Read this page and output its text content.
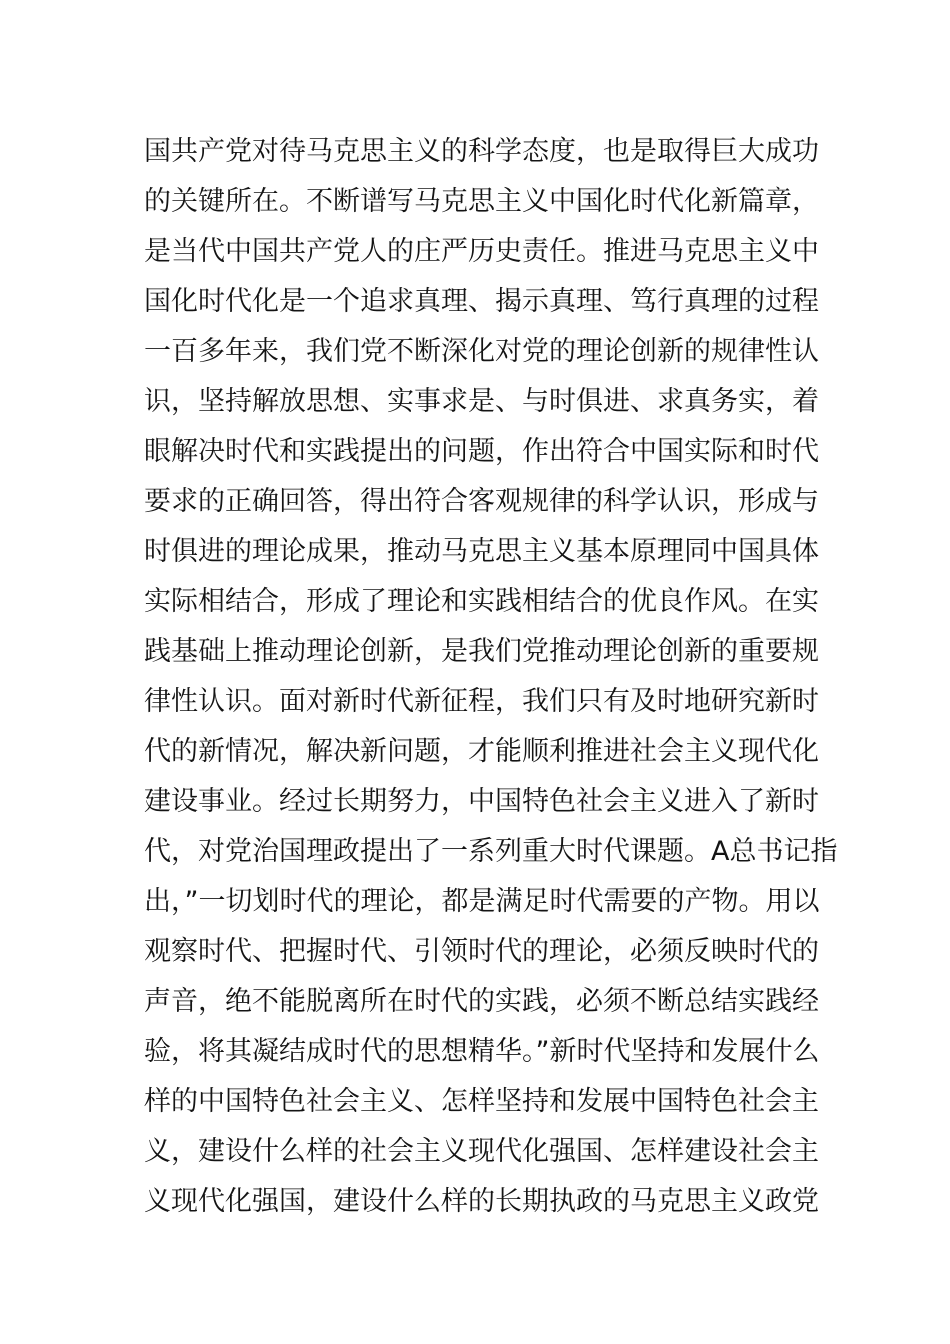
国共产党对待马克思主义的科学态度，也是取得巨大成功
的关键所在。不断谱写马克思主义中国化时代化新篇章，
是当代中国共产党人的庄严历史责任。推进马克思主义中
国化时代化是一个追求真理、揭示真理、笃行真理的过程
一百多年来，我们党不断深化对党的理论创新的规律性认
识，坚持解放思想、实事求是、与时俱进、求真务实，着
眼解决时代和实践提出的问题，作出符合中国实际和时代
要求的正确回答，得出符合客观规律的科学认识，形成与
时俱进的理论成果，推动马克思主义基本原理同中国具体
实际相结合，形成了理论和实践相结合的优良作风。在实
践基础上推动理论创新，是我们党推动理论创新的重要规
律性认识。面对新时代新征程，我们只有及时地研究新时
代的新情况，解决新问题，才能顺利推进社会主义现代化
建设事业。经过长期努力，中国特色社会主义进入了新时
代，对党治国理政提出了一系列重大时代课题。A总书记指
出，”一切划时代的理论，都是满足时代需要的产物。用以
观察时代、把握时代、引领时代的理论，必须反映时代的
声音，绝不能脱离所在时代的实践，必须不断总结实践经
验，将其凝结成时代的思想精华。”新时代坚持和发展什么
样的中国特色社会主义、怎样坚持和发展中国特色社会主
义，建设什么样的社会主义现代化强国、怎样建设社会主
义现代化强国，建设什么样的长期执政的马克思主义政党
